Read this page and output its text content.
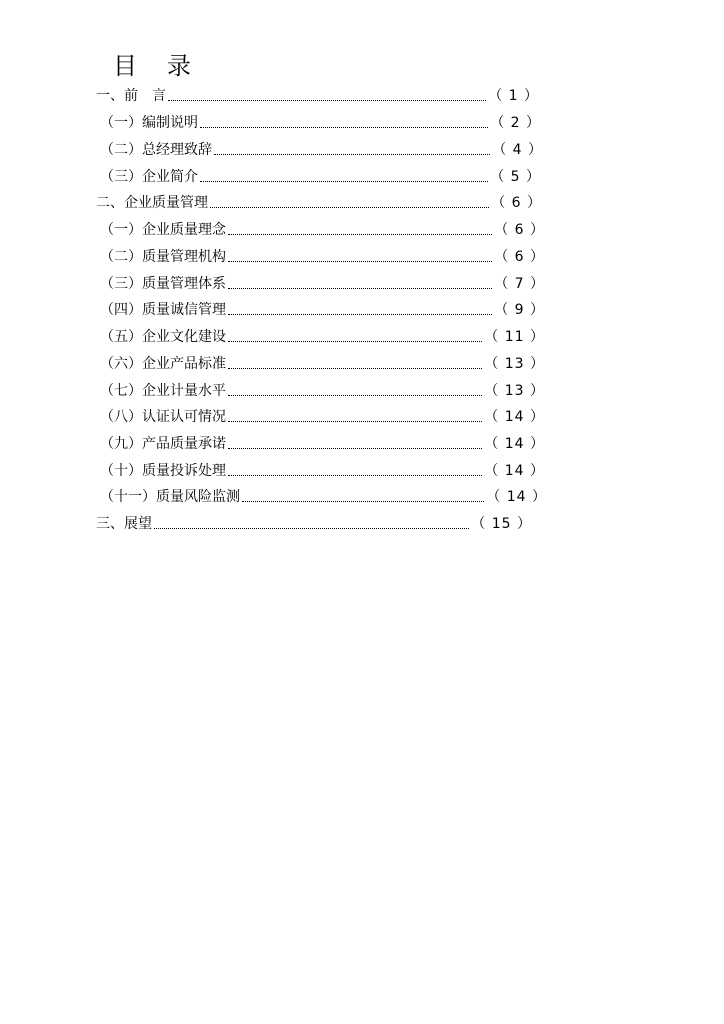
目 录
一、前　言	（ 1 ）
（一）编制说明	（ 2 ）
（二）总经理致辞	（ 4 ）
（三）企业简介	（ 5 ）
二、企业质量管理	（ 6 ）
（一）企业质量理念	（ 6 ）
（二）质量管理机构	（ 6 ）
（三）质量管理体系	（ 7 ）
（四）质量诚信管理	（ 9 ）
（五）企业文化建设	（ 11 ）
（六）企业产品标准	（ 13 ）
（七）企业计量水平	（ 13 ）
（八）认证认可情况	（ 14 ）
（九）产品质量承诺	（ 14 ）
（十）质量投诉处理	（ 14 ）
（十一）质量风险监测	（ 14 ）
三、展望	（ 15 ）
